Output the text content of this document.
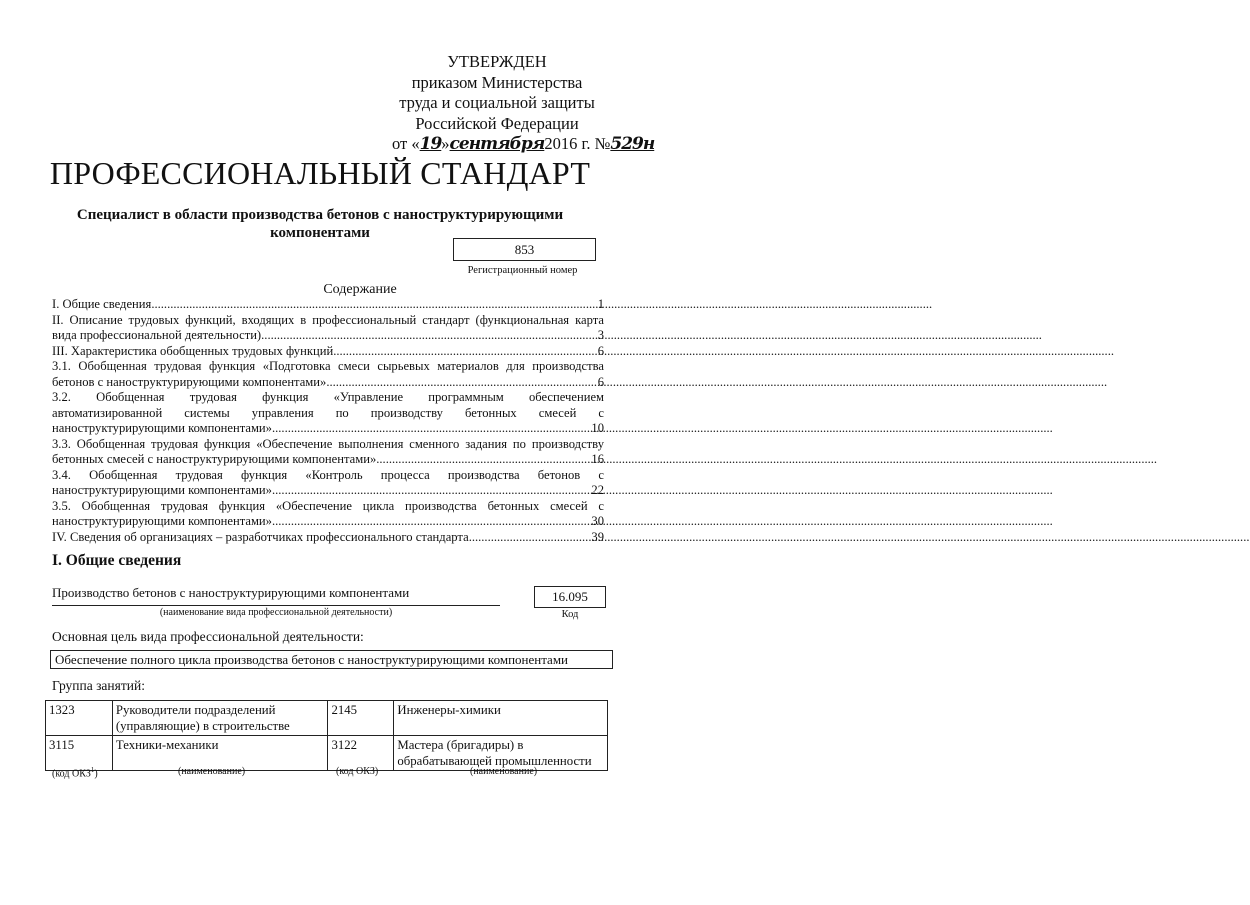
УТВЕРЖДЕН
приказом Министерства
труда и социальной защиты
Российской Федерации
от «19»сентября2016 г. №529н
ПРОФЕССИОНАЛЬНЫЙ СТАНДАРТ
Специалист в области производства бетонов с наноструктурирующими компонентами
853
Регистрационный номер
Содержание
I. Общие сведения .....	1
II. Описание трудовых функций, входящих в профессиональный стандарт (функциональная карта
вида профессиональной деятельности) .....	3
III. Характеристика обобщенных трудовых функций .....	6
3.1. Обобщенная трудовая функция «Подготовка смеси сырьевых материалов для производства
бетонов с наноструктурирующими компонентами» .....	6
3.2. Обобщенная трудовая функция «Управление программным обеспечением
автоматизированной системы управления по производству бетонных смесей с
наноструктурирующими компонентами» .....	10
3.3. Обобщенная трудовая функция «Обеспечение выполнения сменного задания по производству
бетонных смесей с наноструктурирующими компонентами» .....	16
3.4. Обобщенная трудовая функция «Контроль процесса производства бетонов с
наноструктурирующими компонентами» .....	22
3.5. Обобщенная трудовая функция «Обеспечение цикла производства бетонных смесей с
наноструктурирующими компонентами» .....	30
IV. Сведения об организациях – разработчиках профессионального стандарта .....	39
I. Общие сведения
Производство бетонов с наноструктурирующими компонентами
(наименование вида профессиональной деятельности)
16.095
Код
Основная цель вида профессиональной деятельности:
Обеспечение полного цикла производства бетонов с наноструктурирующими компонентами
Группа занятий:
1323	Руководители подразделений (управляющие) в строительстве	2145	Инженеры-химики
3115	Техники-механики	3122	Мастера (бригадиры) в обрабатывающей промышленности
(код ОКЗ$^1$)	(наименование)	(код ОКЗ)	(наименование)
